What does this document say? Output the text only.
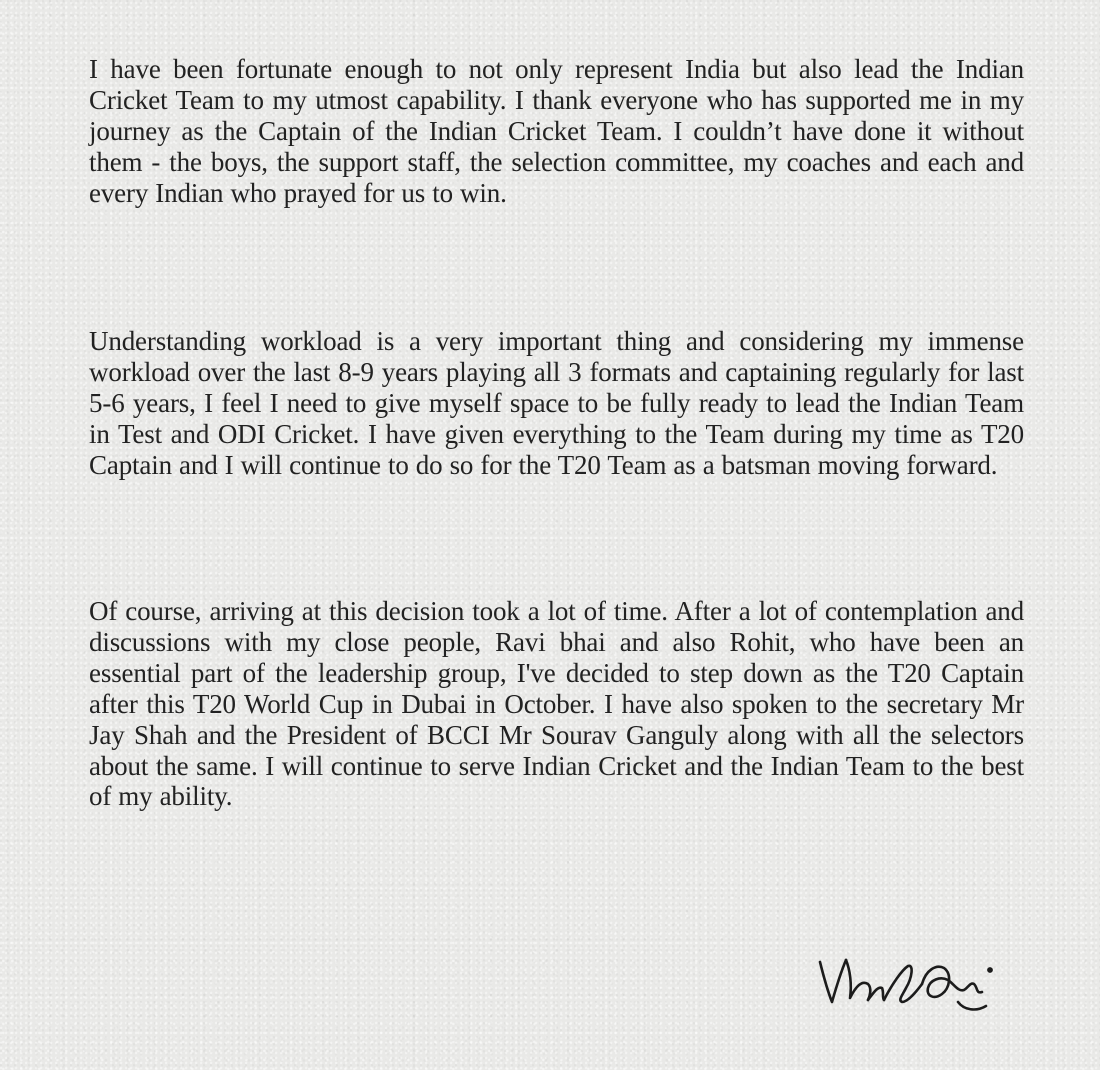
I have been fortunate enough to not only represent India but also lead the Indian Cricket Team to my utmost capability. I thank everyone who has supported me in my journey as the Captain of the Indian Cricket Team. I couldn’t have done it without them - the boys, the support staff, the selection committee, my coaches and each and every Indian who prayed for us to win.

Understanding workload is a very important thing and considering my immense workload over the last 8-9 years playing all 3 formats and captaining regularly for last 5-6 years, I feel I need to give myself space to be fully ready to lead the Indian Team in Test and ODI Cricket. I have given everything to the Team during my time as T20 Captain and I will continue to do so for the T20 Team as a batsman moving forward.

Of course, arriving at this decision took a lot of time. After a lot of contemplation and discussions with my close people, Ravi bhai and also Rohit, who have been an essential part of the leadership group, I've decided to step down as the T20 Captain after this T20 World Cup in Dubai in October. I have also spoken to the secretary Mr Jay Shah and the President of BCCI Mr Sourav Ganguly along with all the selectors about the same. I will continue to serve Indian Cricket and the Indian Team to the best of my ability.
